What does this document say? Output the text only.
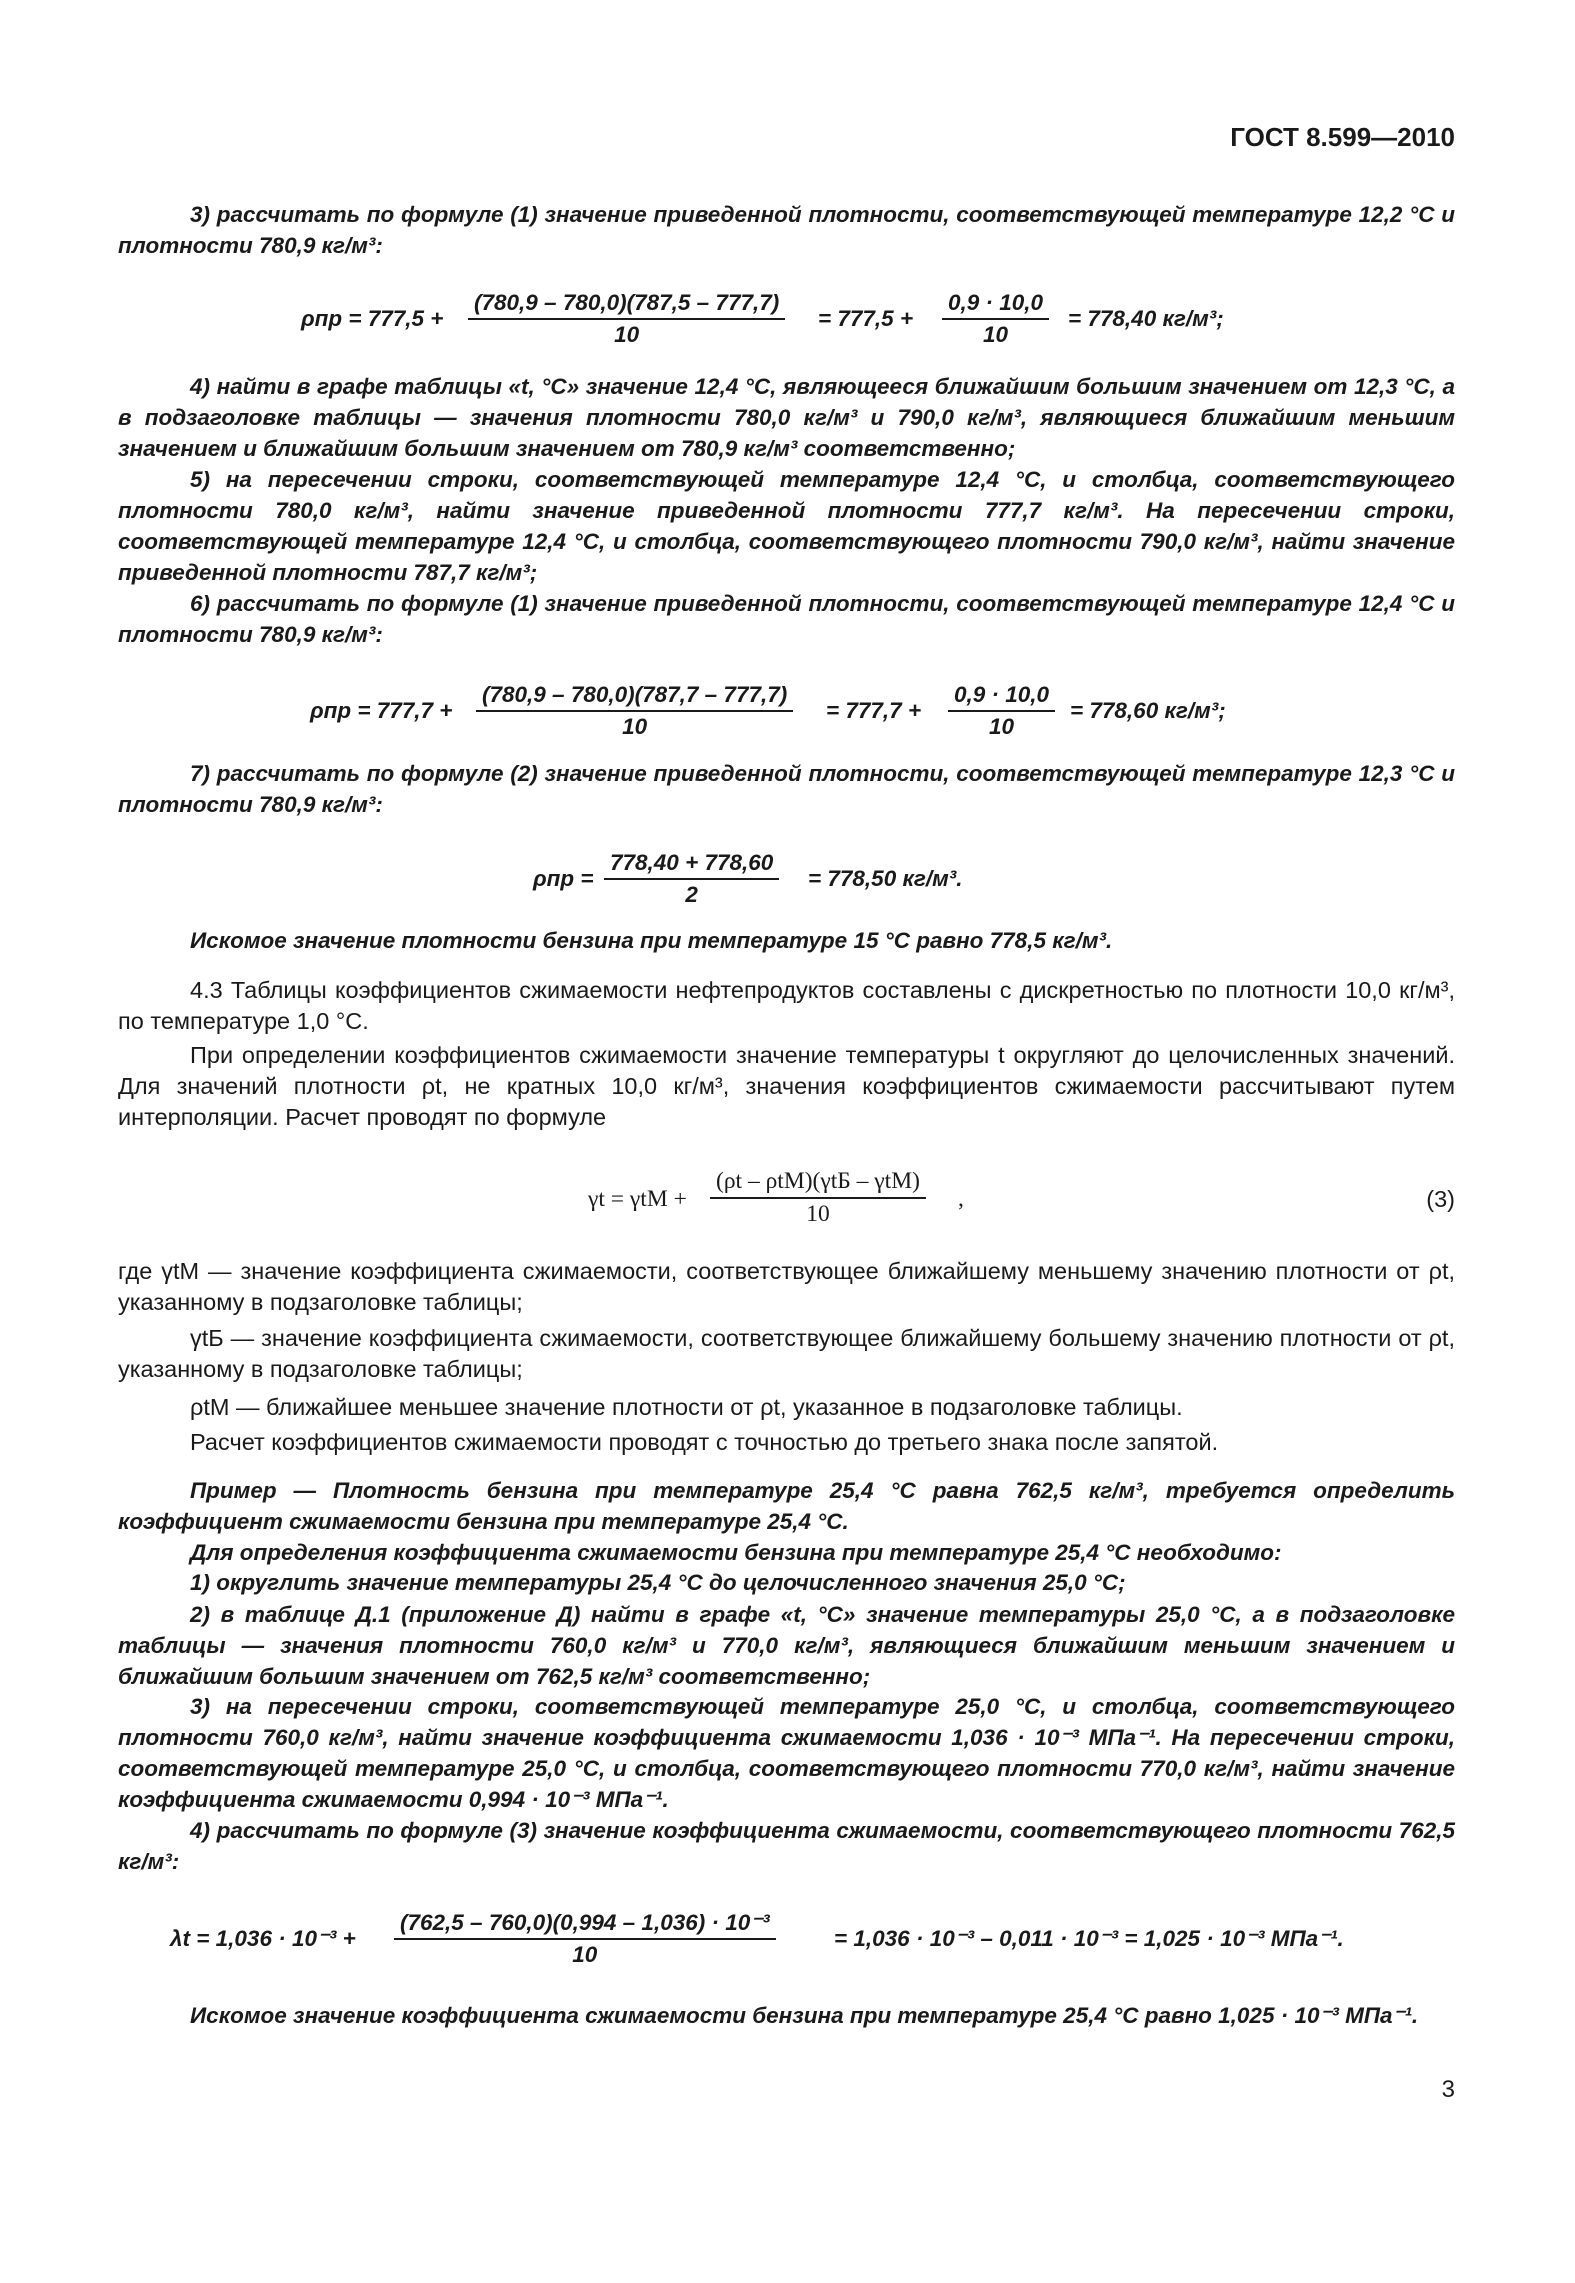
ГОСТ 8.599—2010

3) рассчитать по формуле (1) значение приведенной плотности, соответствующей температуре 12,2 °С и плотности 780,9 кг/м³:

$\rho пр = 777,5 + \frac{(780,9 - 780,0)(787,5 - 777,7)}{10} = 777,5 + \frac{0,9 \cdot 10,0}{10} = 778,40$ кг/м³;

4) найти в графе таблицы «t, °С» значение 12,4 °С, являющееся ближайшим большим значением от 12,3 °С, а в подзаголовке таблицы — значения плотности 780,0 кг/м³ и 790,0 кг/м³, являющиеся ближайшим меньшим значением и ближайшим большим значением от 780,9 кг/м³ соответственно;

5) на пересечении строки, соответствующей температуре 12,4 °С, и столбца, соответствующего плотности 780,0 кг/м³, найти значение приведенной плотности 777,7 кг/м³. На пересечении строки, соответствующей температуре 12,4 °С, и столбца, соответствующего плотности 790,0 кг/м³, найти значение приведенной плотности 787,7 кг/м³;

6) рассчитать по формуле (1) значение приведенной плотности, соответствующей температуре 12,4 °С и плотности 780,9 кг/м³:

$\rho пр = 777,7 + \frac{(780,9 - 780,0)(787,7 - 777,7)}{10} = 777,7 + \frac{0,9 \cdot 10,0}{10} = 778,60$ кг/м³;

7) рассчитать по формуле (2) значение приведенной плотности, соответствующей температуре 12,3 °С и плотности 780,9 кг/м³:

$\rho пр = \frac{778,40 + 778,60}{2} = 778,50$ кг/м³.

Искомое значение плотности бензина при температуре 15 °С равно 778,5 кг/м³.

4.3 Таблицы коэффициентов сжимаемости нефтепродуктов составлены с дискретностью по плотности 10,0 кг/м³, по температуре 1,0 °С.

При определении коэффициентов сжимаемости значение температуры t округляют до целочисленных значений. Для значений плотности ρt, не кратных 10,0 кг/м³, значения коэффициентов сжимаемости рассчитывают путем интерполяции. Расчет проводят по формуле

γt = γtМ +
(ρt – ρtМ)(γtБ – γtМ)
10
,	(3)

где γtМ — значение коэффициента сжимаемости, соответствующее ближайшему меньшему значению плотности от ρt, указанному в подзаголовке таблицы;

γtБ — значение коэффициента сжимаемости, соответствующее ближайшему большему значению плотности от ρt, указанному в подзаголовке таблицы;

ρtМ — ближайшее меньшее значение плотности от ρt, указанное в подзаголовке таблицы.

Расчет коэффициентов сжимаемости проводят с точностью до третьего знака после запятой.

Пример — Плотность бензина при температуре 25,4 °С равна 762,5 кг/м³, требуется определить коэффициент сжимаемости бензина при температуре 25,4 °С.

Для определения коэффициента сжимаемости бензина при температуре 25,4 °С необходимо:

1) округлить значение температуры 25,4 °С до целочисленного значения 25,0 °С;

2) в таблице Д.1 (приложение Д) найти в графе «t, °С» значение температуры 25,0 °С, а в подзаголовке таблицы — значения плотности 760,0 кг/м³ и 770,0 кг/м³, являющиеся ближайшим меньшим значением и ближайшим большим значением от 762,5 кг/м³ соответственно;

3) на пересечении строки, соответствующей температуре 25,0 °С, и столбца, соответствующего плотности 760,0 кг/м³, найти значение коэффициента сжимаемости 1,036 · 10⁻³ МПа⁻¹. На пересечении строки, соответствующей температуре 25,0 °С, и столбца, соответствующего плотности 770,0 кг/м³, найти значение коэффициента сжимаемости 0,994 · 10⁻³ МПа⁻¹.

4) рассчитать по формуле (3) значение коэффициента сжимаемости, соответствующего плотности 762,5 кг/м³:

$\lambda t = 1,036 \cdot 10^{-3} + \frac{\text{(762,5 – 760,0)(0,994 – 1,036) · 10⁻³}}{10}$	= 1,036 · 10⁻³ – 0,011 · 10⁻³ = 1,025 · 10⁻³ МПа⁻¹.

Искомое значение коэффициента сжимаемости бензина при температуре 25,4 °С равно 1,025 · 10⁻³ МПа⁻¹.

3
